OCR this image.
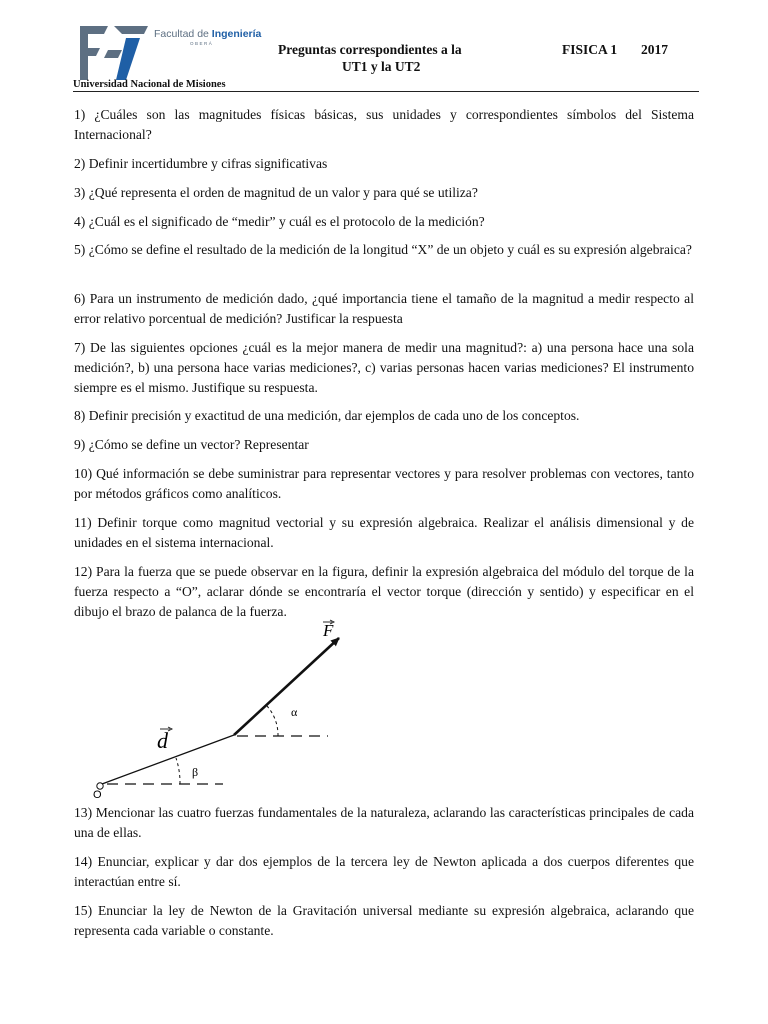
Facultad de Ingeniería
OBERÁ
Universidad Nacional de Misiones
Preguntas correspondientes a la
UT1 y la UT2
FISICA 1 2017
1) ¿Cuáles son las magnitudes físicas básicas, sus unidades y correspondientes símbolos del Sistema Internacional?
2) Definir incertidumbre y cifras significativas
3) ¿Qué representa el orden de magnitud de un valor y para qué se utiliza?
4) ¿Cuál es el significado de “medir” y cuál es el protocolo de la medición?
5) ¿Cómo se define el resultado de la medición de la longitud “X” de un objeto y cuál es su expresión algebraica?
6) Para un instrumento de medición dado, ¿qué importancia tiene el tamaño de la magnitud a medir respecto al error relativo porcentual de medición? Justificar la respuesta
7) De las siguientes opciones ¿cuál es la mejor manera de medir una magnitud?: a) una persona hace una sola medición?, b) una persona hace varias mediciones?, c) varias personas hacen varias mediciones? El instrumento siempre es el mismo. Justifique su respuesta.
8) Definir precisión y exactitud de una medición, dar ejemplos de cada uno de los conceptos.
9) ¿Cómo se define un vector? Representar
10) Qué información se debe suministrar para representar vectores y para resolver problemas con vectores, tanto por métodos gráficos como analíticos.
11) Definir torque como magnitud vectorial y su expresión algebraica. Realizar el análisis dimensional y de unidades en el sistema internacional.
12) Para la fuerza que se puede observar en la figura, definir la expresión algebraica del módulo del torque de la fuerza respecto a “O”, aclarar dónde se encontraría el vector torque (dirección y sentido) y especificar en el dibujo el brazo de palanca de la fuerza.
O
F
d
α
β
13) Mencionar las cuatro fuerzas fundamentales de la naturaleza, aclarando las características principales de cada una de ellas.
14) Enunciar, explicar y dar dos ejemplos de la tercera ley de Newton aplicada a dos cuerpos diferentes que interactúan entre sí.
15) Enunciar la ley de Newton de la Gravitación universal mediante su expresión algebraica, aclarando que representa cada variable o constante.
